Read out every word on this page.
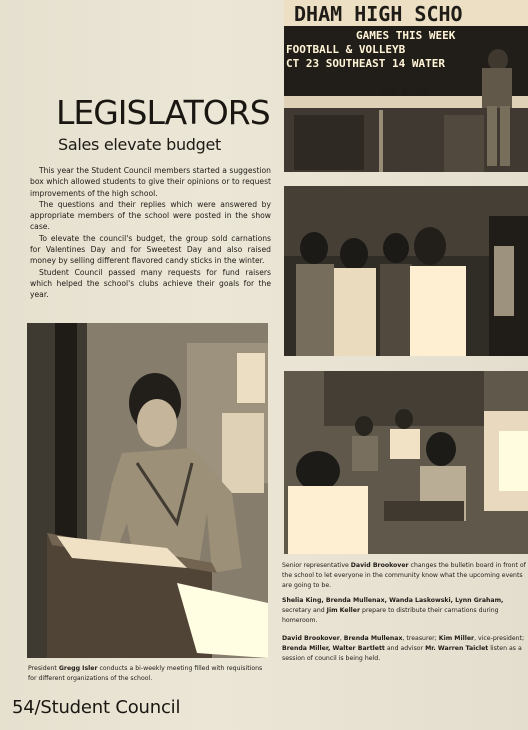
LEGISLATORS
Sales elevate budget

This year the Student Council members started a suggestion box which allowed students to give their opinions or to request improvements of the high school.

The questions and their replies which were answered by appropriate members of the school were posted in the show case.

To elevate the council's budget, the group sold carnations for Valentines Day and for Sweetest Day and also raised money by selling different flavored candy sticks in the winter.

Student Council passed many requests for fund raisers which helped the school's clubs achieve their goals for the year.

DHAM HIGH SCHO
GAMES THIS WEEK
FOOTBALL & VOLLEYB
CT 23 SOUTHEAST 14 WATER
GO E MS
President Gregg Isler conducts a bi-weekly meeting filled with requisitions for different organizations of the school.
Senior representative David Brookover changes the bulletin board in front of the school to let everyone in the community know what the upcoming events are going to be.
Shelia King, Brenda Mullenax, Wanda Laskowski, Lynn Graham, secretary and Jim Keller prepare to distribute their carnations during homeroom.
David Brookover, Brenda Mullenax, treasurer; Kim Miller, vice-president; Brenda Miller, Walter Bartlett and advisor Mr. Warren Taiclet listen as a session of council is being held.
54/Student Council
